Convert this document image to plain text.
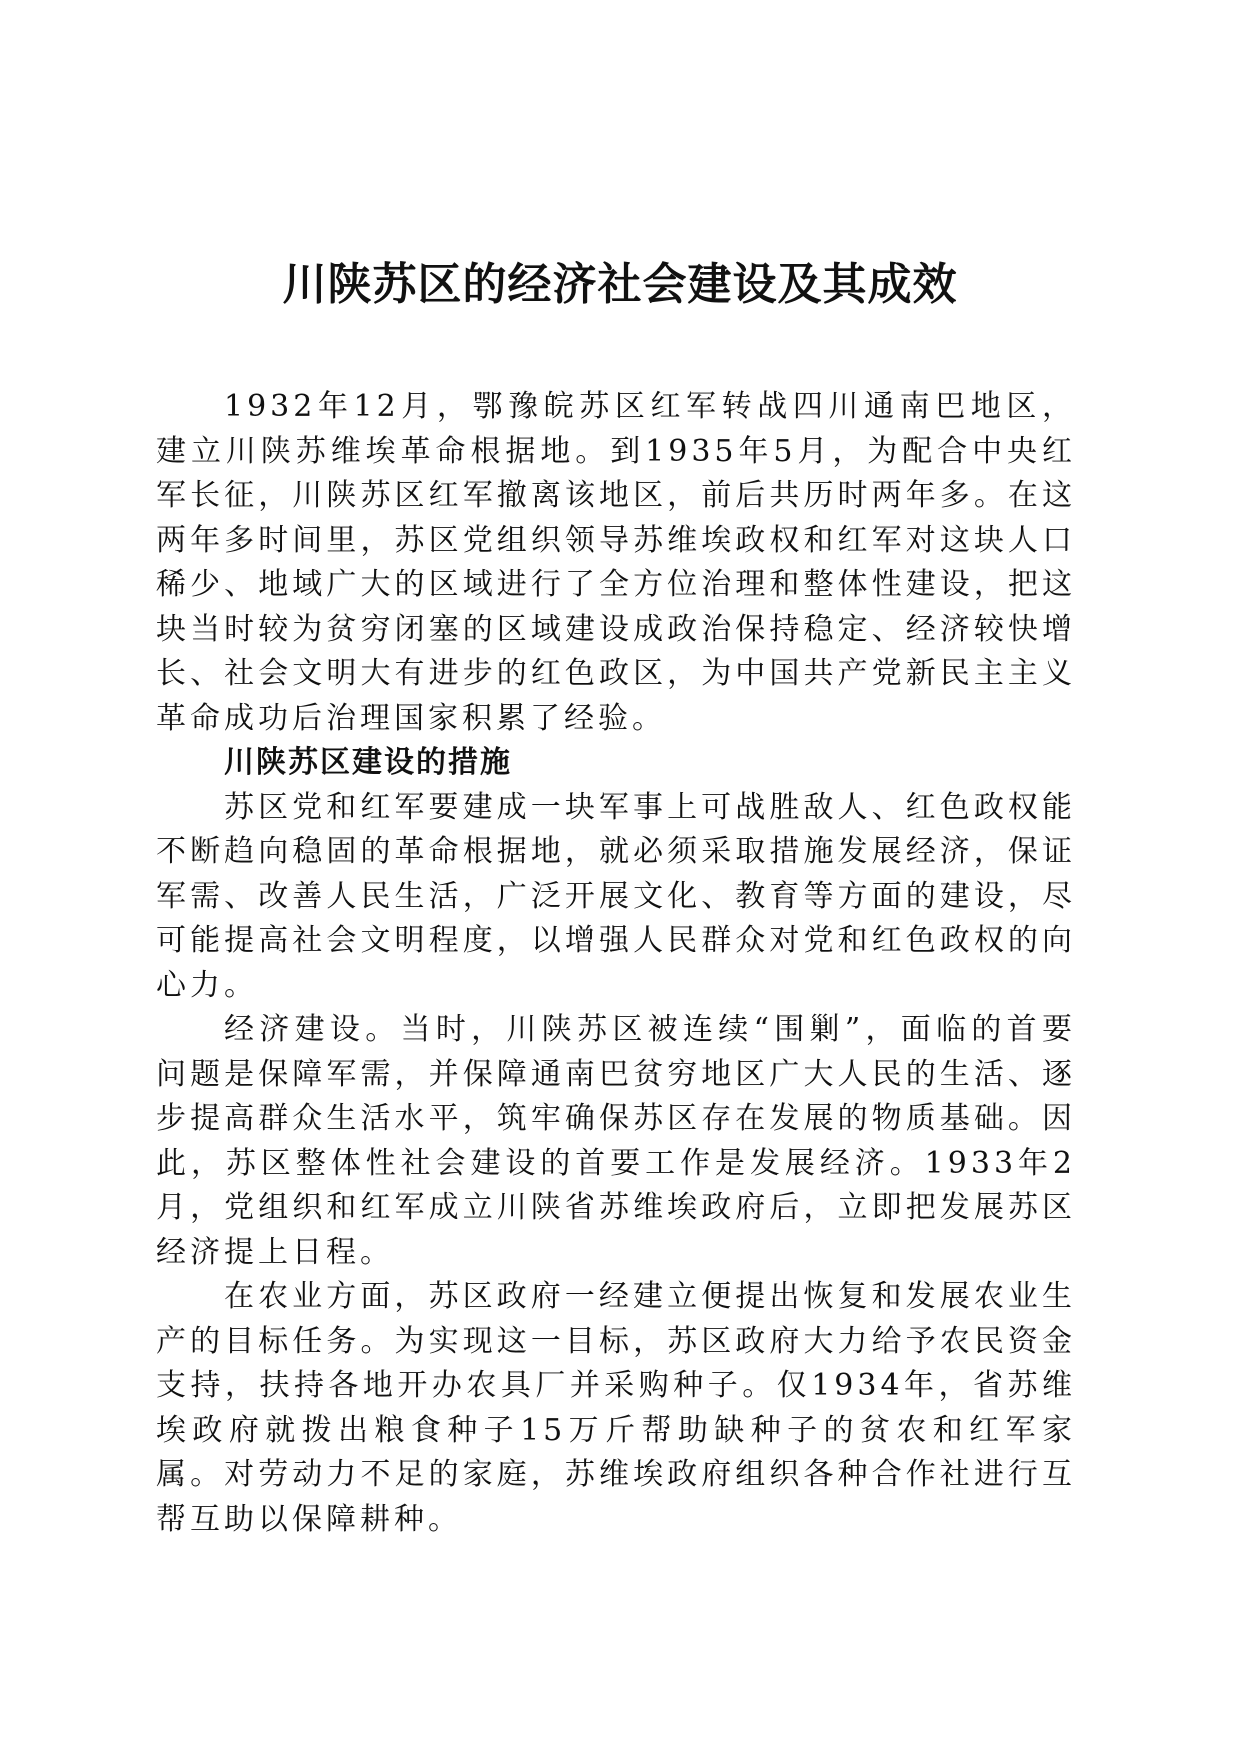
川陕苏区的经济社会建设及其成效

1932年12月，鄂豫皖苏区红军转战四川通南巴地区，建立川陕苏维埃革命根据地。到1935年5月，为配合中央红军长征，川陕苏区红军撤离该地区，前后共历时两年多。在这两年多时间里，苏区党组织领导苏维埃政权和红军对这块人口稀少、地域广大的区域进行了全方位治理和整体性建设，把这块当时较为贫穷闭塞的区域建设成政治保持稳定、经济较快增长、社会文明大有进步的红色政区，为中国共产党新民主主义革命成功后治理国家积累了经验。

川陕苏区建设的措施

苏区党和红军要建成一块军事上可战胜敌人、红色政权能不断趋向稳固的革命根据地，就必须采取措施发展经济，保证军需、改善人民生活，广泛开展文化、教育等方面的建设，尽可能提高社会文明程度，以增强人民群众对党和红色政权的向心力。

经济建设。当时，川陕苏区被连续“围剿”，面临的首要问题是保障军需，并保障通南巴贫穷地区广大人民的生活、逐步提高群众生活水平，筑牢确保苏区存在发展的物质基础。因此，苏区整体性社会建设的首要工作是发展经济。1933年2月，党组织和红军成立川陕省苏维埃政府后，立即把发展苏区经济提上日程。

在农业方面，苏区政府一经建立便提出恢复和发展农业生产的目标任务。为实现这一目标，苏区政府大力给予农民资金支持，扶持各地开办农具厂并采购种子。仅1934年，省苏维埃政府就拨出粮食种子15万斤帮助缺种子的贫农和红军家属。对劳动力不足的家庭，苏维埃政府组织各种合作社进行互帮互助以保障耕种。
